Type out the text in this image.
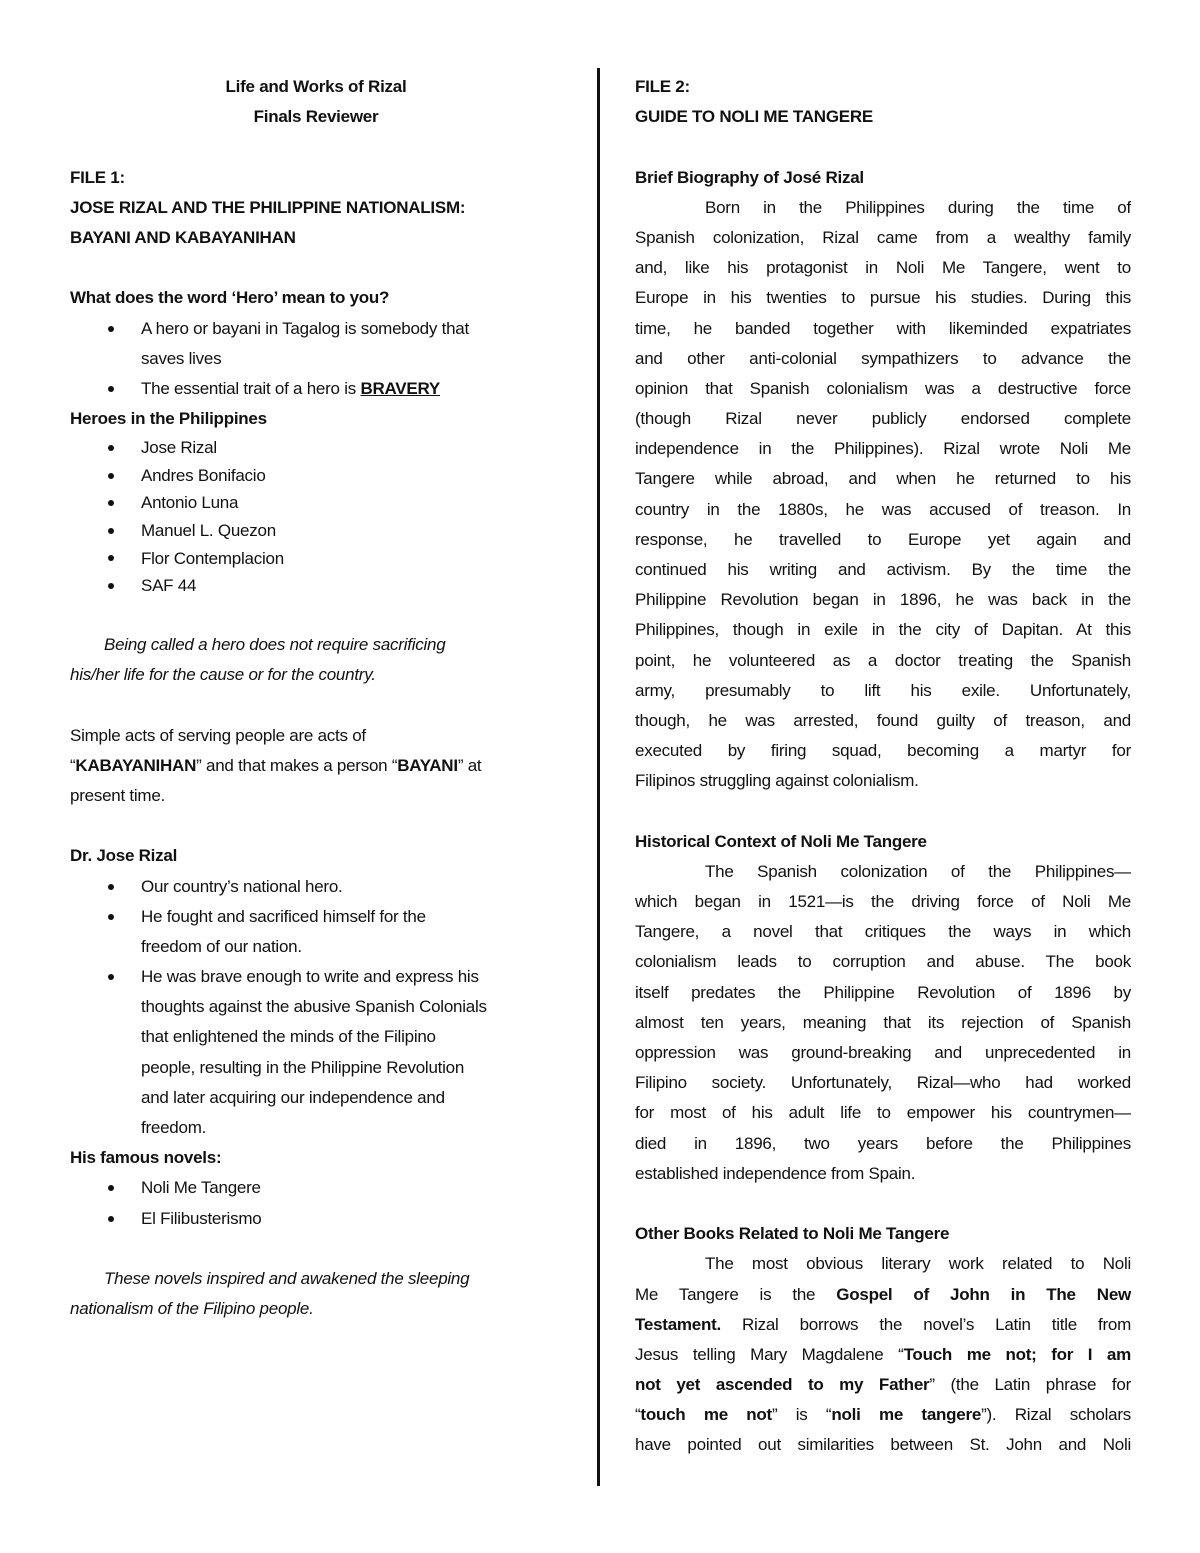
Life and Works of Rizal
Finals Reviewer
FILE 1:
JOSE RIZAL AND THE PHILIPPINE NATIONALISM:
BAYANI AND KABAYANIHAN
What does the word ‘Hero’ mean to you?
A hero or bayani in Tagalog is somebody that
saves lives
The essential trait of a hero is BRAVERY
Heroes in the Philippines
Jose Rizal
Andres Bonifacio
Antonio Luna
Manuel L. Quezon
Flor Contemplacion
SAF 44
Being called a hero does not require sacrificing
his/her life for the cause or for the country.
Simple acts of serving people are acts of
“KABAYANIHAN” and that makes a person “BAYANI” at
present time.
Dr. Jose Rizal
Our country’s national hero.
He fought and sacrificed himself for the
freedom of our nation.
He was brave enough to write and express his
thoughts against the abusive Spanish Colonials
that enlightened the minds of the Filipino
people, resulting in the Philippine Revolution
and later acquiring our independence and
freedom.
His famous novels:
Noli Me Tangere
El Filibusterismo
These novels inspired and awakened the sleeping
nationalism of the Filipino people.
FILE 2:
GUIDE TO NOLI ME TANGERE
Brief Biography of José Rizal
Born in the Philippines during the time of
Spanish colonization, Rizal came from a wealthy family
and, like his protagonist in Noli Me Tangere, went to
Europe in his twenties to pursue his studies. During this
time, he banded together with likeminded expatriates
and other anti-colonial sympathizers to advance the
opinion that Spanish colonialism was a destructive force
(though Rizal never publicly endorsed complete
independence in the Philippines). Rizal wrote Noli Me
Tangere while abroad, and when he returned to his
country in the 1880s, he was accused of treason. In
response, he travelled to Europe yet again and
continued his writing and activism. By the time the
Philippine Revolution began in 1896, he was back in the
Philippines, though in exile in the city of Dapitan. At this
point, he volunteered as a doctor treating the Spanish
army, presumably to lift his exile. Unfortunately,
though, he was arrested, found guilty of treason, and
executed by firing squad, becoming a martyr for
Filipinos struggling against colonialism.
Historical Context of Noli Me Tangere
The Spanish colonization of the Philippines—
which began in 1521—is the driving force of Noli Me
Tangere, a novel that critiques the ways in which
colonialism leads to corruption and abuse. The book
itself predates the Philippine Revolution of 1896 by
almost ten years, meaning that its rejection of Spanish
oppression was ground-breaking and unprecedented in
Filipino society. Unfortunately, Rizal—who had worked
for most of his adult life to empower his countrymen—
died in 1896, two years before the Philippines
established independence from Spain.
Other Books Related to Noli Me Tangere
The most obvious literary work related to Noli
Me Tangere is the Gospel of John in The New
Testament. Rizal borrows the novel’s Latin title from
Jesus telling Mary Magdalene “Touch me not; for I am
not yet ascended to my Father” (the Latin phrase for
“touch me not” is “noli me tangere”). Rizal scholars
have pointed out similarities between St. John and Noli
